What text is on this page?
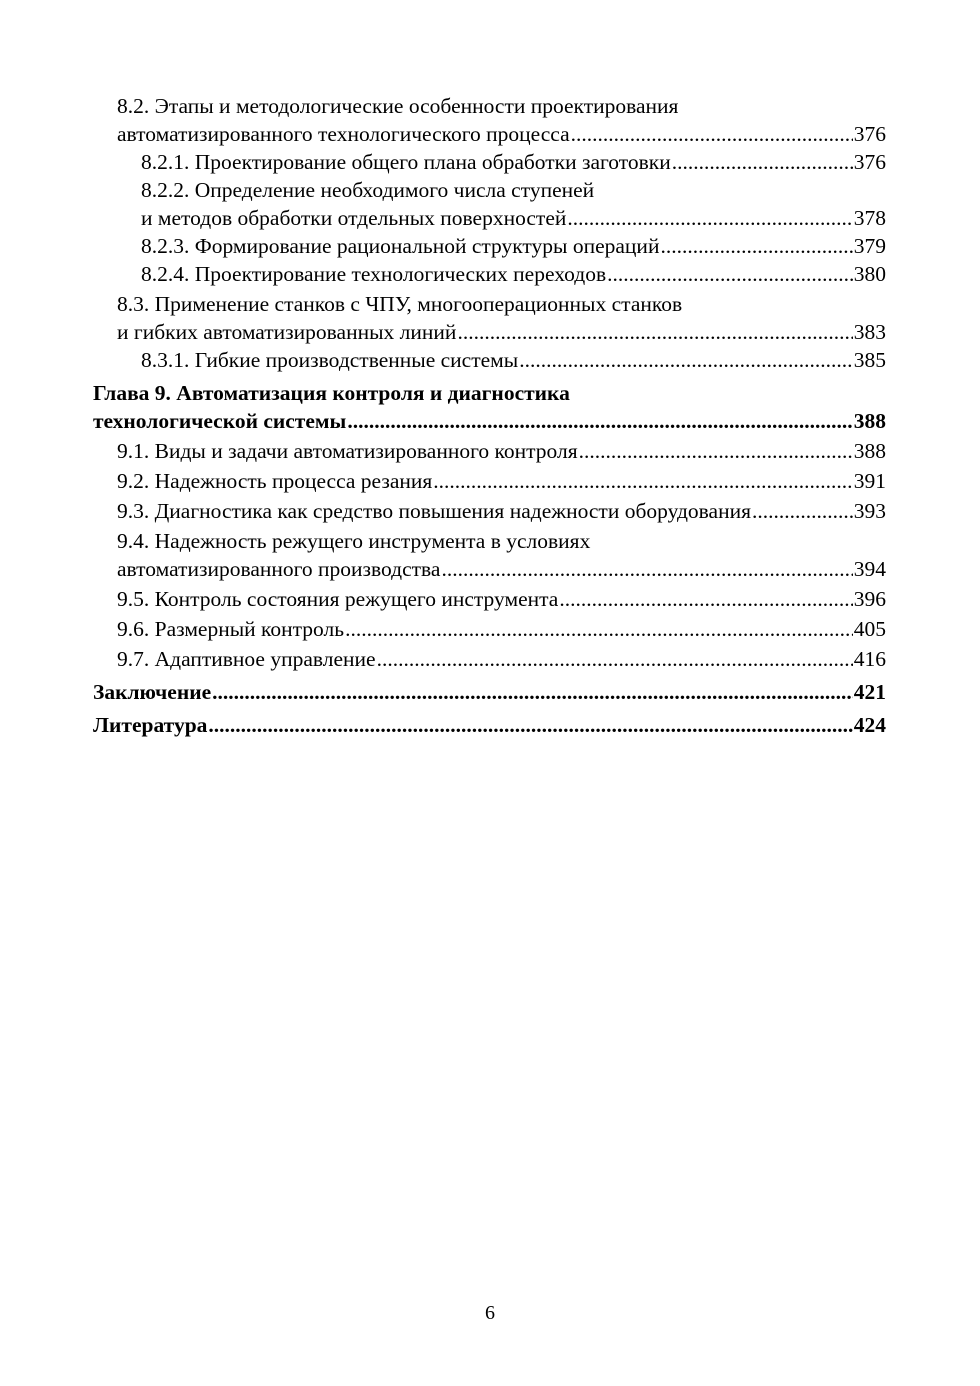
8.2. Этапы и методологические особенности проектирования
автоматизированного технологического процесса .....	376
8.2.1. Проектирование общего плана обработки заготовки .....	376
8.2.2. Определение необходимого числа ступеней
и методов обработки отдельных поверхностей .....	378
8.2.3. Формирование рациональной структуры операций .....	379
8.2.4. Проектирование технологических переходов .....	380
8.3. Применение станков с ЧПУ, многооперационных станков
и гибких автоматизированных линий .....	383
8.3.1. Гибкие производственные системы .....	385
Глава 9. Автоматизация контроля и диагностика
технологической системы .....	388
9.1. Виды и задачи автоматизированного контроля .....	388
9.2. Надежность процесса резания .....	391
9.3. Диагностика как средство повышения надежности оборудования .....	393
9.4. Надежность режущего инструмента в условиях
автоматизированного производства .....	394
9.5. Контроль состояния режущего инструмента .....	396
9.6. Размерный контроль .....	405
9.7. Адаптивное управление .....	416
Заключение .....	421
Литература .....	424
6
